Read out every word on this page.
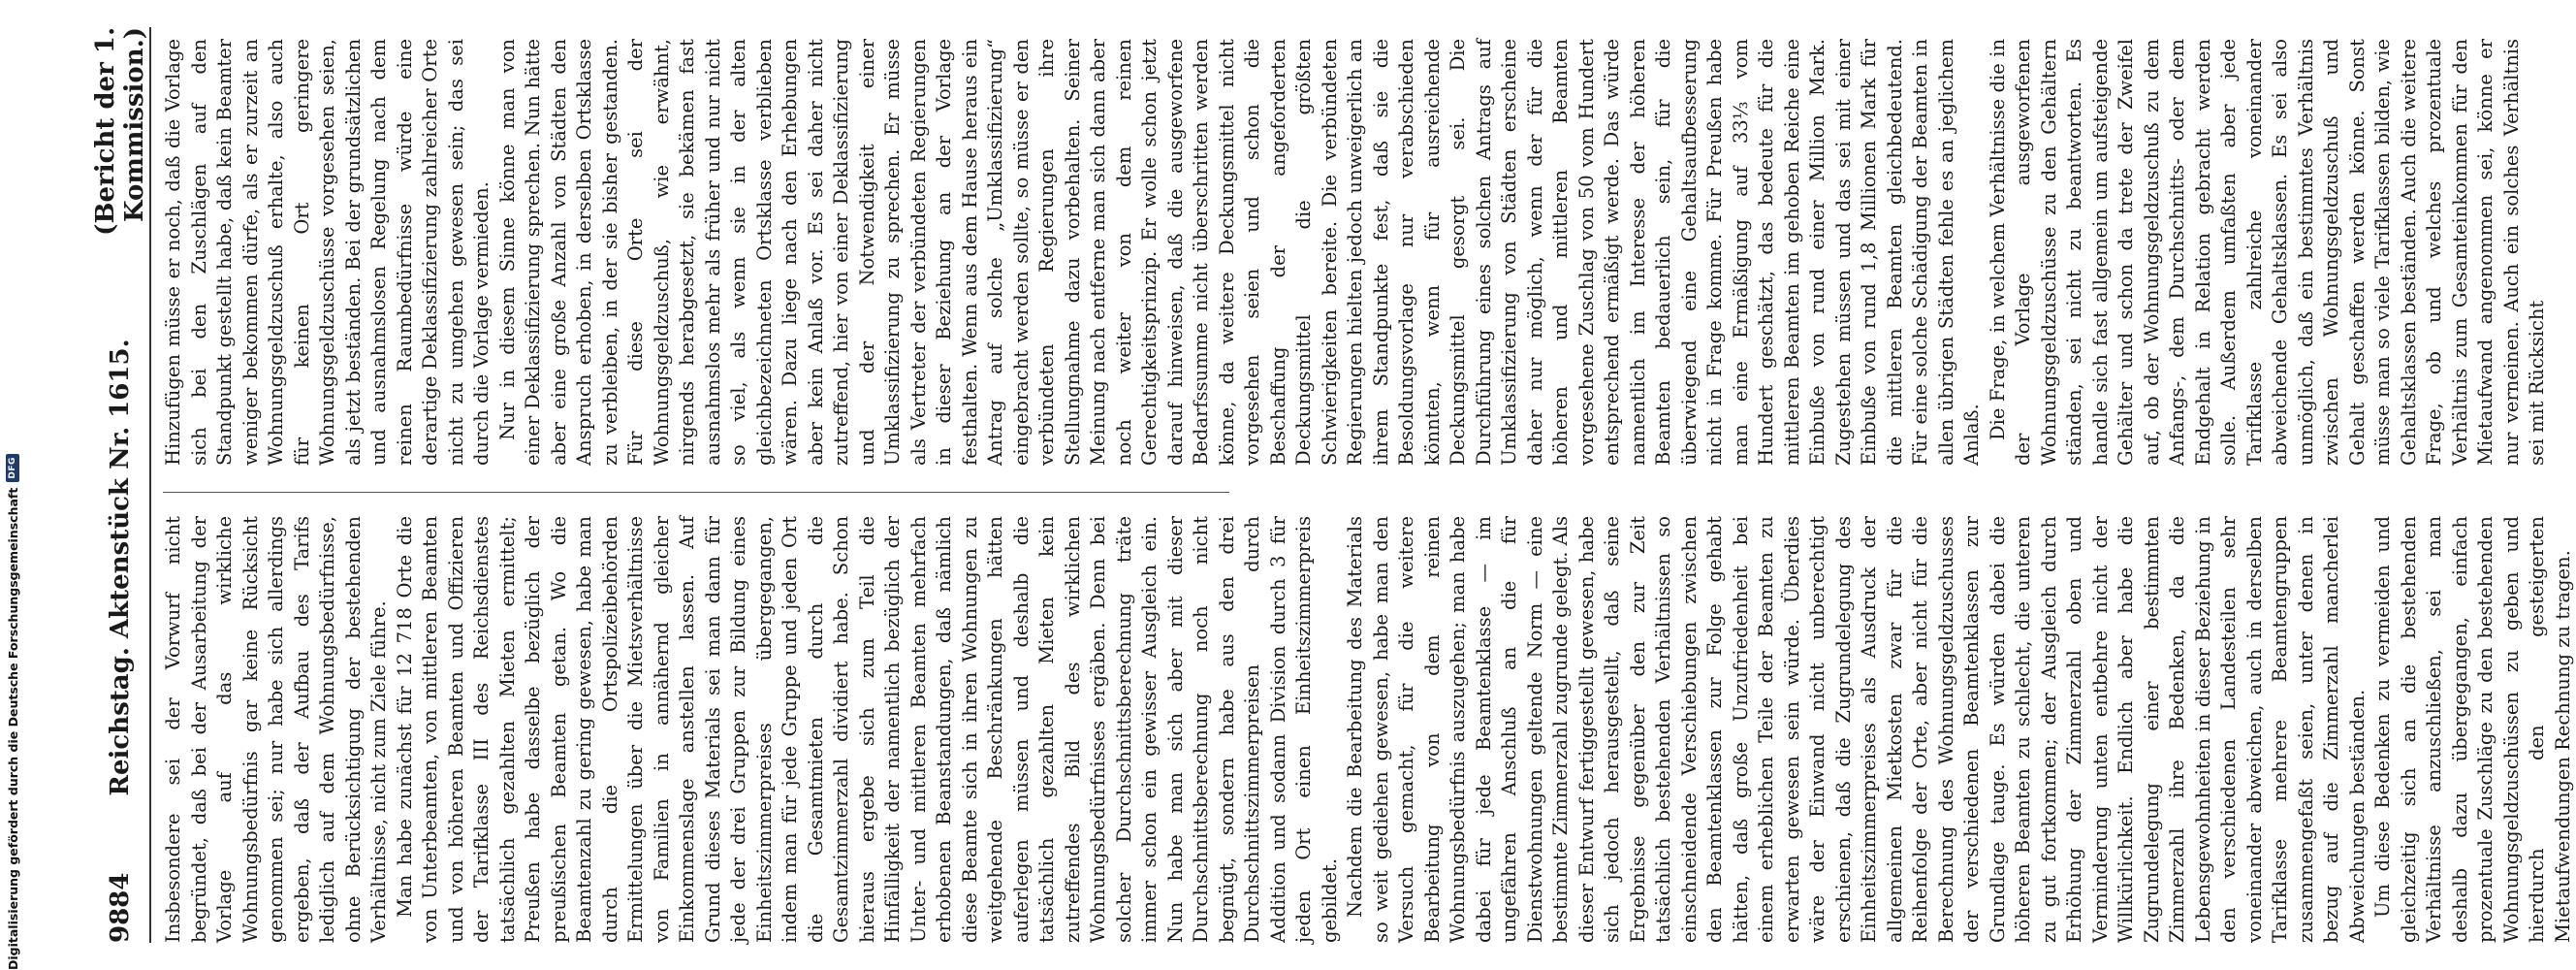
9884
Reichstag. Aktenstück Nr. 1615.
(Bericht der 1. Kommission.)

Insbesondere sei der Vorwurf nicht begründet, daß bei der Ausarbeitung der Vorlage auf das wirkliche Wohnungsbedürfnis gar keine Rücksicht genommen sei; nur habe sich allerdings ergeben, daß der Aufbau des Tarifs lediglich auf dem Wohnungsbedürfnisse, ohne Berücksichtigung der bestehenden Verhältnisse, nicht zum Ziele führe. Man habe zunächst für 12 718 Orte die von Unterbeamten, von mittleren Beamten und von höheren Beamten und Offizieren der Tarifklasse III des Reichsdienstes tatsächlich gezahlten Mieten ermittelt; Preußen habe dasselbe bezüglich der preußischen Beamten getan. Wo die Beamtenzahl zu gering gewesen, habe man durch die Ortspolizeibehörden Ermittelungen über die Mietsverhältnisse von Familien in annähernd gleicher Einkommenslage anstellen lassen. Auf Grund dieses Materials sei man dann für jede der drei Gruppen zur Bildung eines Einheitszimmerpreises übergegangen, indem man für jede Gruppe und jeden Ort die Gesamtmieten durch die Gesamtzimmerzahl dividiert habe. Schon hieraus ergebe sich zum Teil die Hinfälligkeit der namentlich bezüglich der Unter- und mittleren Beamten mehrfach erhobenen Beanstandungen, daß nämlich diese Beamte sich in ihren Wohnungen zu weitgehende Beschränkungen hätten auferlegen müssen und deshalb die tatsächlich gezahlten Mieten kein zutreffendes Bild des wirklichen Wohnungsbedürfnisses ergäben. Denn bei solcher Durchschnittsberechnung träte immer schon ein gewisser Ausgleich ein. Nun habe man sich aber mit dieser Durchschnittsberechnung noch nicht begnügt, sondern habe aus den drei Durchschnittszimmerpreisen durch Addition und sodann Division durch 3 für jeden Ort einen Einheitszimmerpreis gebildet. Nachdem die Bearbeitung des Materials so weit gediehen gewesen, habe man den Versuch gemacht, für die weitere Bearbeitung von dem reinen Wohnungsbedürfnis auszugehen; man habe dabei für jede Beamtenklasse — im ungefähren Anschluß an die für Dienstwohnungen geltende Norm — eine bestimmte Zimmerzahl zugrunde gelegt. Als dieser Entwurf fertiggestellt gewesen, habe sich jedoch herausgestellt, daß seine Ergebnisse gegenüber den zur Zeit tatsächlich bestehenden Verhältnissen so einschneidende Verschiebungen zwischen den Beamtenklassen zur Folge gehabt hätten, daß große Unzufriedenheit bei einem erheblichen Teile der Beamten zu erwarten gewesen sein würde. Überdies wäre der Einwand nicht unberechtigt erschienen, daß die Zugrundelegung des Einheitszimmerpreises als Ausdruck der allgemeinen Mietkosten zwar für die Reihenfolge der Orte, aber nicht für die Berechnung des Wohnungsgeldzuschusses der verschiedenen Beamtenklassen zur Grundlage tauge. Es würden dabei die höheren Beamten zu schlecht, die unteren zu gut fortkommen; der Ausgleich durch Erhöhung der Zimmerzahl oben und Verminderung unten entbehre nicht der Willkürlichkeit. Endlich aber habe die Zugrundelegung einer bestimmten Zimmerzahl ihre Bedenken, da die Lebensgewohnheiten in dieser Beziehung in den verschiedenen Landesteilen sehr voneinander abweichen, auch in derselben Tarifklasse mehrere Beamtengruppen zusammengefaßt seien, unter denen in bezug auf die Zimmerzahl mancherlei Abweichungen beständen. Um diese Bedenken zu vermeiden und gleichzeitig sich an die bestehenden Verhältnisse anzuschließen, sei man deshalb dazu übergegangen, einfach prozentuale Zuschläge zu den bestehenden Wohnungsgeldzuschüssen zu geben und hierdurch den gesteigerten Mietaufwendungen Rechnung zu tragen.

Hinzufügen müsse er noch, daß die Vorlage sich bei den Zuschlägen auf den Standpunkt gestellt habe, daß kein Beamter weniger bekommen dürfe, als er zurzeit an Wohnungsgeldzuschuß erhalte, also auch für keinen Ort geringere Wohnungsgeldzuschüsse vorgesehen seien, als jetzt beständen. Bei der grundsätzlichen und ausnahmslosen Regelung nach dem reinen Raumbedürfnisse würde eine derartige Deklassifizierung zahlreicher Orte nicht zu umgehen gewesen sein; das sei durch die Vorlage vermieden. Nur in diesem Sinne könne man von einer Deklassifizierung sprechen. Nun hätte aber eine große Anzahl von Städten den Anspruch erhoben, in derselben Ortsklasse zu verbleiben, in der sie bisher gestanden. Für diese Orte sei der Wohnungsgeldzuschuß, wie erwähnt, nirgends herabgesetzt, sie bekämen fast ausnahmslos mehr als früher und nur nicht so viel, als wenn sie in der alten gleichbezeichneten Ortsklasse verblieben wären. Dazu liege nach den Erhebungen aber kein Anlaß vor. Es sei daher nicht zutreffend, hier von einer Deklassifizierung und der Notwendigkeit einer Umklassifizierung zu sprechen. Er müsse als Vertreter der verbündeten Regierungen in dieser Beziehung an der Vorlage festhalten. Wenn aus dem Hause heraus ein Antrag auf solche „Umklassifizierung“ eingebracht werden sollte, so müsse er den verbündeten Regierungen ihre Stellungnahme dazu vorbehalten. Seiner Meinung nach entferne man sich dann aber noch weiter von dem reinen Gerechtigkeitsprinzip. Er wolle schon jetzt darauf hinweisen, daß die ausgeworfene Bedarfssumme nicht überschritten werden könne, da weitere Deckungsmittel nicht vorgesehen seien und schon die Beschaffung der angeforderten Deckungsmittel die größten Schwierigkeiten bereite. Die verbündeten Regierungen hielten jedoch unweigerlich an ihrem Standpunkte fest, daß sie die Besoldungsvorlage nur verabschieden könnten, wenn für ausreichende Deckungsmittel gesorgt sei. Die Durchführung eines solchen Antrags auf Umklassifizierung von Städten erscheine daher nur möglich, wenn der für die höheren und mittleren Beamten vorgesehene Zuschlag von 50 vom Hundert entsprechend ermäßigt werde. Das würde namentlich im Interesse der höheren Beamten bedauerlich sein, für die überwiegend eine Gehaltsaufbesserung nicht in Frage komme. Für Preußen habe man eine Ermäßigung auf 33⅓ vom Hundert geschätzt, das bedeute für die mittleren Beamten im gehoben Reiche eine Einbuße von rund einer Million Mark. Zugestehen müssen und das sei mit einer Einbuße von rund 1,8 Millionen Mark für die mittleren Beamten gleichbedeutend. Für eine solche Schädigung der Beamten in allen übrigen Städten fehle es an jeglichem Anlaß. Die Frage, in welchem Verhältnisse die in der Vorlage ausgeworfenen Wohnungsgeldzuschüsse zu den Gehältern ständen, sei nicht zu beantworten. Es handle sich fast allgemein um aufsteigende Gehälter und schon da trete der Zweifel auf, ob der Wohnungsgeldzuschuß zu dem Anfangs-, dem Durchschnitts- oder dem Endgehalt in Relation gebracht werden solle. Außerdem umfaßten aber jede Tarifklasse zahlreiche voneinander abweichende Gehaltsklassen. Es sei also unmöglich, daß ein bestimmtes Verhältnis zwischen Wohnungsgeldzuschuß und Gehalt geschaffen werden könne. Sonst müsse man so viele Tarifklassen bilden, wie Gehaltsklassen beständen. Auch die weitere Frage, ob und welches prozentuale Verhältnis zum Gesamteinkommen für den Mietaufwand angenommen sei, könne er nur verneinen. Auch ein solches Verhältnis sei mit Rücksicht

Digitalisierung gefördert durch die Deutsche Forschungsgemeinschaft
DFG
